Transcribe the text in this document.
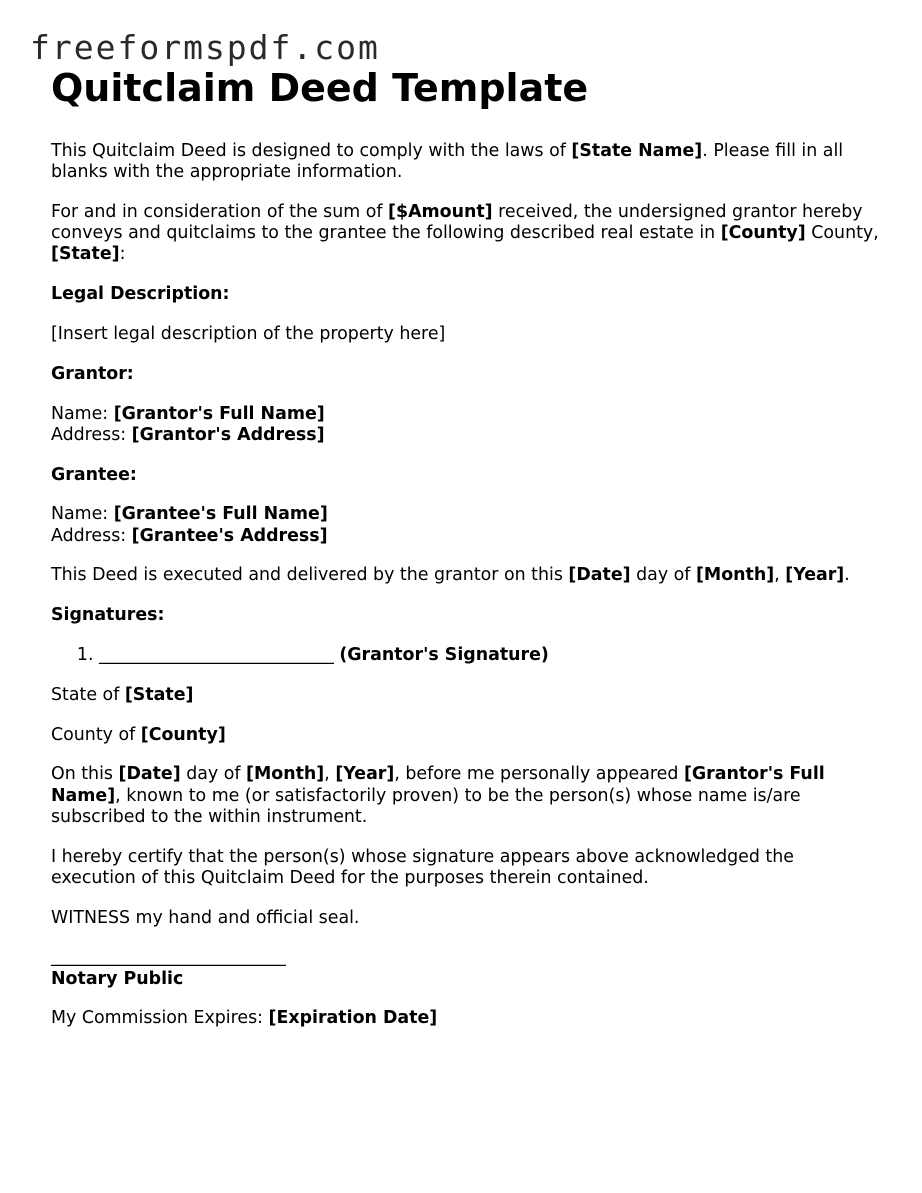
freeformspdf.com
Quitclaim Deed Template

This Quitclaim Deed is designed to comply with the laws of [State Name]. Please fill in all blanks with the appropriate information.

For and in consideration of the sum of [$Amount] received, the undersigned grantor hereby conveys and quitclaims to the grantee the following described real estate in [County] County, [State]:

Legal Description:

[Insert legal description of the property here]

Grantor:

Name: [Grantor's Full Name]
Address: [Grantor's Address]

Grantee:

Name: [Grantee's Full Name]
Address: [Grantee's Address]

This Deed is executed and delivered by the grantor on this [Date] day of [Month], [Year].

Signatures:

1. ___________________________ (Grantor's Signature)

State of [State]

County of [County]

On this [Date] day of [Month], [Year], before me personally appeared [Grantor's Full Name], known to me (or satisfactorily proven) to be the person(s) whose name is/are subscribed to the within instrument.

I hereby certify that the person(s) whose signature appears above acknowledged the execution of this Quitclaim Deed for the purposes therein contained.

WITNESS my hand and official seal.

___________________________
Notary Public

My Commission Expires: [Expiration Date]
